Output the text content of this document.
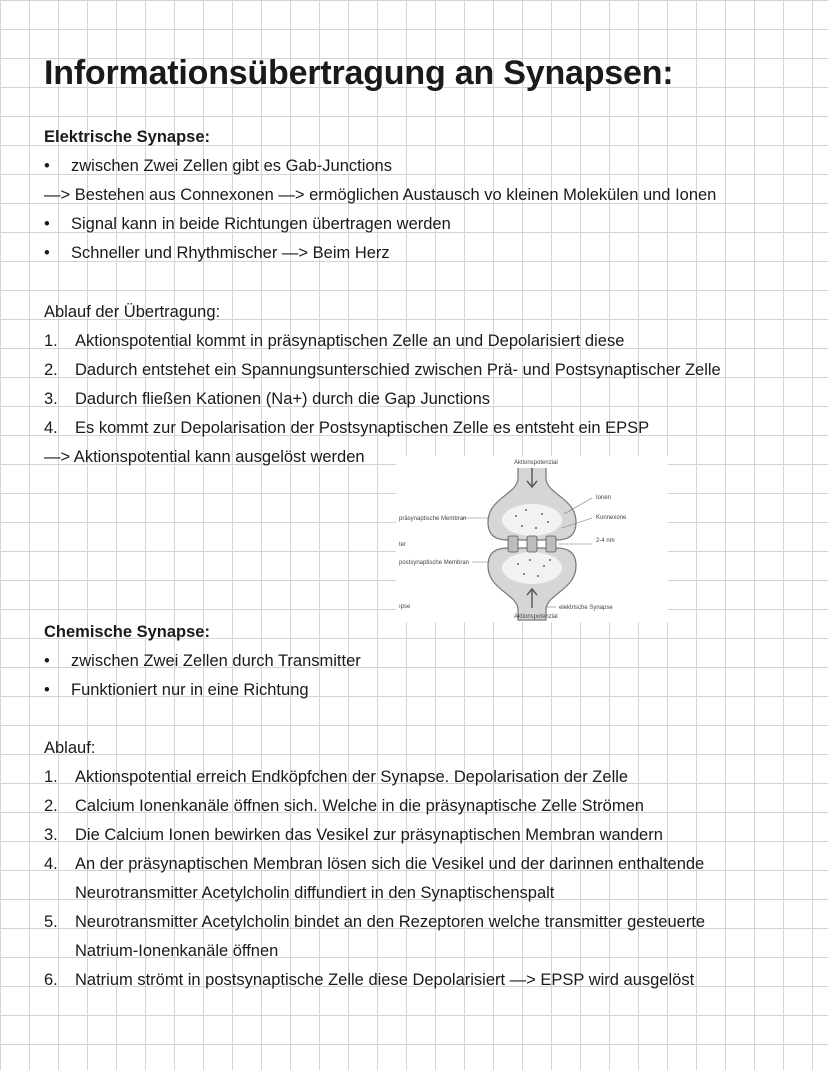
Informationsübertragung an Synapsen:
Elektrische Synapse:
• zwischen Zwei Zellen gibt es Gab-Junctions
—> Bestehen aus Connexonen —> ermöglichen Austausch vo kleinen Molekülen und Ionen
• Signal kann in beide Richtungen übertragen werden
• Schneller und Rhythmischer —> Beim Herz
Ablauf der Übertragung:
1. Aktionspotential kommt in präsynaptischen Zelle an und Depolarisiert diese
2. Dadurch entstehet ein Spannungsunterschied zwischen Prä- und Postsynaptischer Zelle
3. Dadurch fließen Kationen (Na+) durch die Gap Junctions
4. Es kommt zur Depolarisation der Postsynaptischen Zelle es entsteht ein EPSP
—> Aktionspotential kann ausgelöst werden	Aktionspotenzial
Ionen
Konnexone
2-4 nm
präsynaptische Membran
ter
postsynaptische Membran
ıpse	elektrische Synapse
Aktionspotenzial
Chemische Synapse:
• zwischen Zwei Zellen durch Transmitter
• Funktioniert nur in eine Richtung
Ablauf:
1. Aktionspotential erreich Endköpfchen der Synapse. Depolarisation der Zelle
2. Calcium Ionenkanäle öffnen sich. Welche in die präsynaptische Zelle Strömen
3. Die Calcium Ionen bewirken das Vesikel zur präsynaptischen Membran wandern
4. An der präsynaptischen Membran lösen sich die Vesikel und der darinnen enthaltende
Neurotransmitter Acetylcholin diffundiert in den Synaptischenspalt
5. Neurotransmitter Acetylcholin bindet an den Rezeptoren welche transmitter gesteuerte
Natrium-Ionenkanäle öffnen
6. Natrium strömt in postsynaptische Zelle diese Depolarisiert —> EPSP wird ausgelöst
